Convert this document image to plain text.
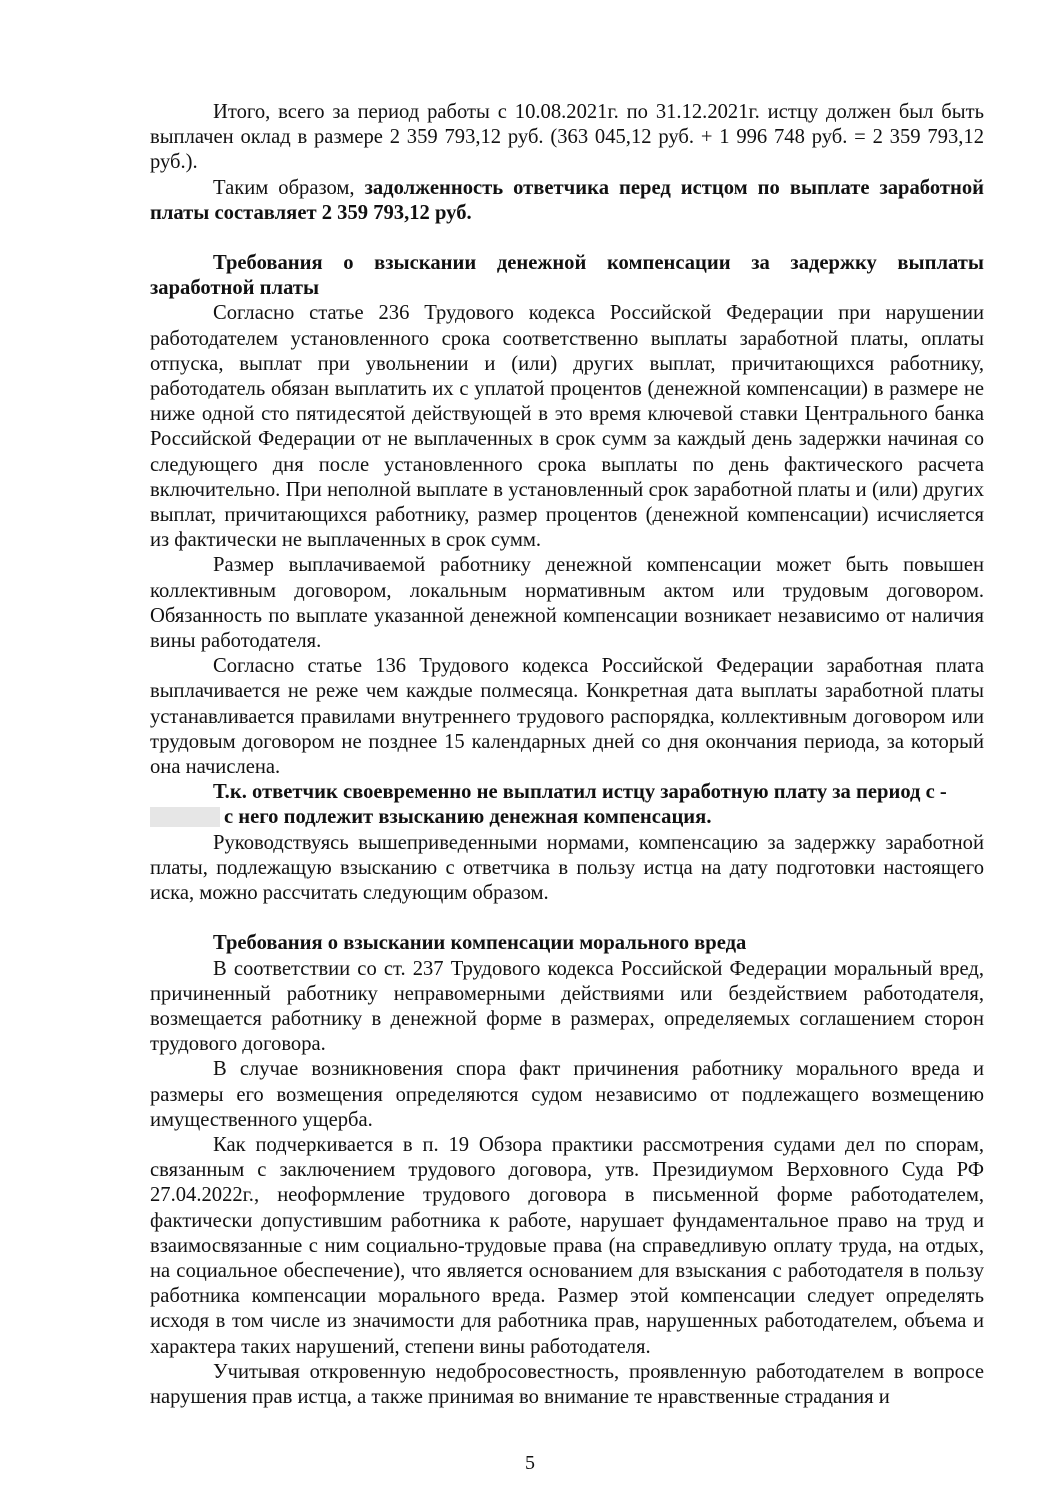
Итого, всего за период работы с 10.08.2021г. по 31.12.2021г. истцу должен был быть выплачен оклад в размере 2 359 793,12 руб. (363 045,12 руб. + 1 996 748 руб. = 2 359 793,12 руб.).

Таким образом, задолженность ответчика перед истцом по выплате заработной платы составляет 2 359 793,12 руб.

Требования о взыскании денежной компенсации за задержку выплаты заработной платы

Согласно статье 236 Трудового кодекса Российской Федерации при нарушении работодателем установленного срока соответственно выплаты заработной платы, оплаты отпуска, выплат при увольнении и (или) других выплат, причитающихся работнику, работодатель обязан выплатить их с уплатой процентов (денежной компенсации) в размере не ниже одной сто пятидесятой действующей в это время ключевой ставки Центрального банка Российской Федерации от не выплаченных в срок сумм за каждый день задержки начиная со следующего дня после установленного срока выплаты по день фактического расчета включительно. При неполной выплате в установленный срок заработной платы и (или) других выплат, причитающихся работнику, размер процентов (денежной компенсации) исчисляется из фактически не выплаченных в срок сумм.

Размер выплачиваемой работнику денежной компенсации может быть повышен коллективным договором, локальным нормативным актом или трудовым договором. Обязанность по выплате указанной денежной компенсации возникает независимо от наличия вины работодателя.

Согласно статье 136 Трудового кодекса Российской Федерации заработная плата выплачивается не реже чем каждые полмесяца. Конкретная дата выплаты заработной платы устанавливается правилами внутреннего трудового распорядка, коллективным договором или трудовым договором не позднее 15 календарных дней со дня окончания периода, за который она начислена.

Т.к. ответчик своевременно не выплатил истцу заработную плату за период с -
с него подлежит взысканию денежная компенсация.

Руководствуясь вышеприведенными нормами, компенсацию за задержку заработной платы, подлежащую взысканию с ответчика в пользу истца на дату подготовки настоящего иска, можно рассчитать следующим образом.

Требования о взыскании компенсации морального вреда

В соответствии со ст. 237 Трудового кодекса Российской Федерации моральный вред, причиненный работнику неправомерными действиями или бездействием работодателя, возмещается работнику в денежной форме в размерах, определяемых соглашением сторон трудового договора.

В случае возникновения спора факт причинения работнику морального вреда и размеры его возмещения определяются судом независимо от подлежащего возмещению имущественного ущерба.

Как подчеркивается в п. 19 Обзора практики рассмотрения судами дел по спорам, связанным с заключением трудового договора, утв. Президиумом Верховного Суда РФ 27.04.2022г., неоформление трудового договора в письменной форме работодателем, фактически допустившим работника к работе, нарушает фундаментальное право на труд и взаимосвязанные с ним социально-трудовые права (на справедливую оплату труда, на отдых, на социальное обеспечение), что является основанием для взыскания с работодателя в пользу работника компенсации морального вреда. Размер этой компенсации следует определять исходя в том числе из значимости для работника прав, нарушенных работодателем, объема и характера таких нарушений, степени вины работодателя.

Учитывая откровенную недобросовестность, проявленную работодателем в вопросе нарушения прав истца, а также принимая во внимание те нравственные страдания и

5
